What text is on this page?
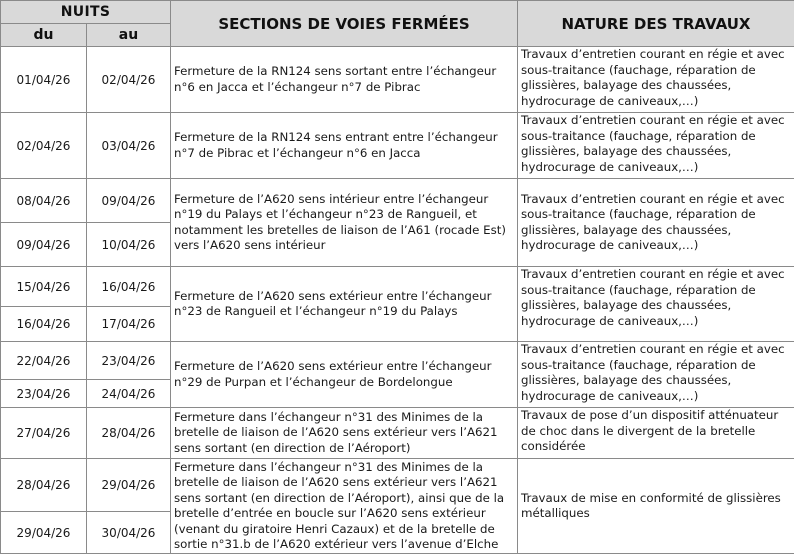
NUITS		SECTIONS DE VOIES FERMÉES	NATURE DES TRAVAUX
du	au		
01/04/26	02/04/26	Fermeture de la RN124 sens sortant entre l’échangeur n°6 en Jacca et l’échangeur n°7 de Pibrac	Travaux d’entretien courant en régie et avec sous-traitance (fauchage, réparation de glissières, balayage des chaussées, hydrocurage de caniveaux,…)
02/04/26	03/04/26	Fermeture de la RN124 sens entrant entre l’échangeur n°7 de Pibrac et l’échangeur n°6 en Jacca	Travaux d’entretien courant en régie et avec sous-traitance (fauchage, réparation de glissières, balayage des chaussées, hydrocurage de caniveaux,…)
08/04/26	09/04/26	Fermeture de l’A620 sens intérieur entre l’échangeur n°19 du Palays et l’échangeur n°23 de Rangueil, et notamment les bretelles de liaison de l’A61 (rocade Est) vers l’A620 sens intérieur	Travaux d’entretien courant en régie et avec sous-traitance (fauchage, réparation de glissières, balayage des chaussées, hydrocurage de caniveaux,…)
09/04/26	10/04/26		
15/04/26	16/04/26	Fermeture de l’A620 sens extérieur entre l’échangeur n°23 de Rangueil et l’échangeur n°19 du Palays	Travaux d’entretien courant en régie et avec sous-traitance (fauchage, réparation de glissières, balayage des chaussées, hydrocurage de caniveaux,…)
16/04/26	17/04/26		
22/04/26	23/04/26	Fermeture de l’A620 sens extérieur entre l’échangeur n°29 de Purpan et l’échangeur de Bordelongue	Travaux d’entretien courant en régie et avec sous-traitance (fauchage, réparation de glissières, balayage des chaussées, hydrocurage de caniveaux,…)
23/04/26	24/04/26		
27/04/26	28/04/26	Fermeture dans l’échangeur n°31 des Minimes de la bretelle de liaison de l’A620 sens extérieur vers l’A621 sens sortant (en direction de l’Aéroport)	Travaux de pose d’un dispositif atténuateur de choc dans le divergent de la bretelle considérée
28/04/26	29/04/26	Fermeture dans l’échangeur n°31 des Minimes de la bretelle de liaison de l’A620 sens extérieur vers l’A621 sens sortant (en direction de l’Aéroport), ainsi que de la bretelle d’entrée en boucle sur l’A620 sens extérieur (venant du giratoire Henri Cazaux) et de la bretelle de sortie n°31.b de l’A620 extérieur vers l’avenue d’Elche	Travaux de mise en conformité de glissières métalliques
29/04/26	30/04/26		
